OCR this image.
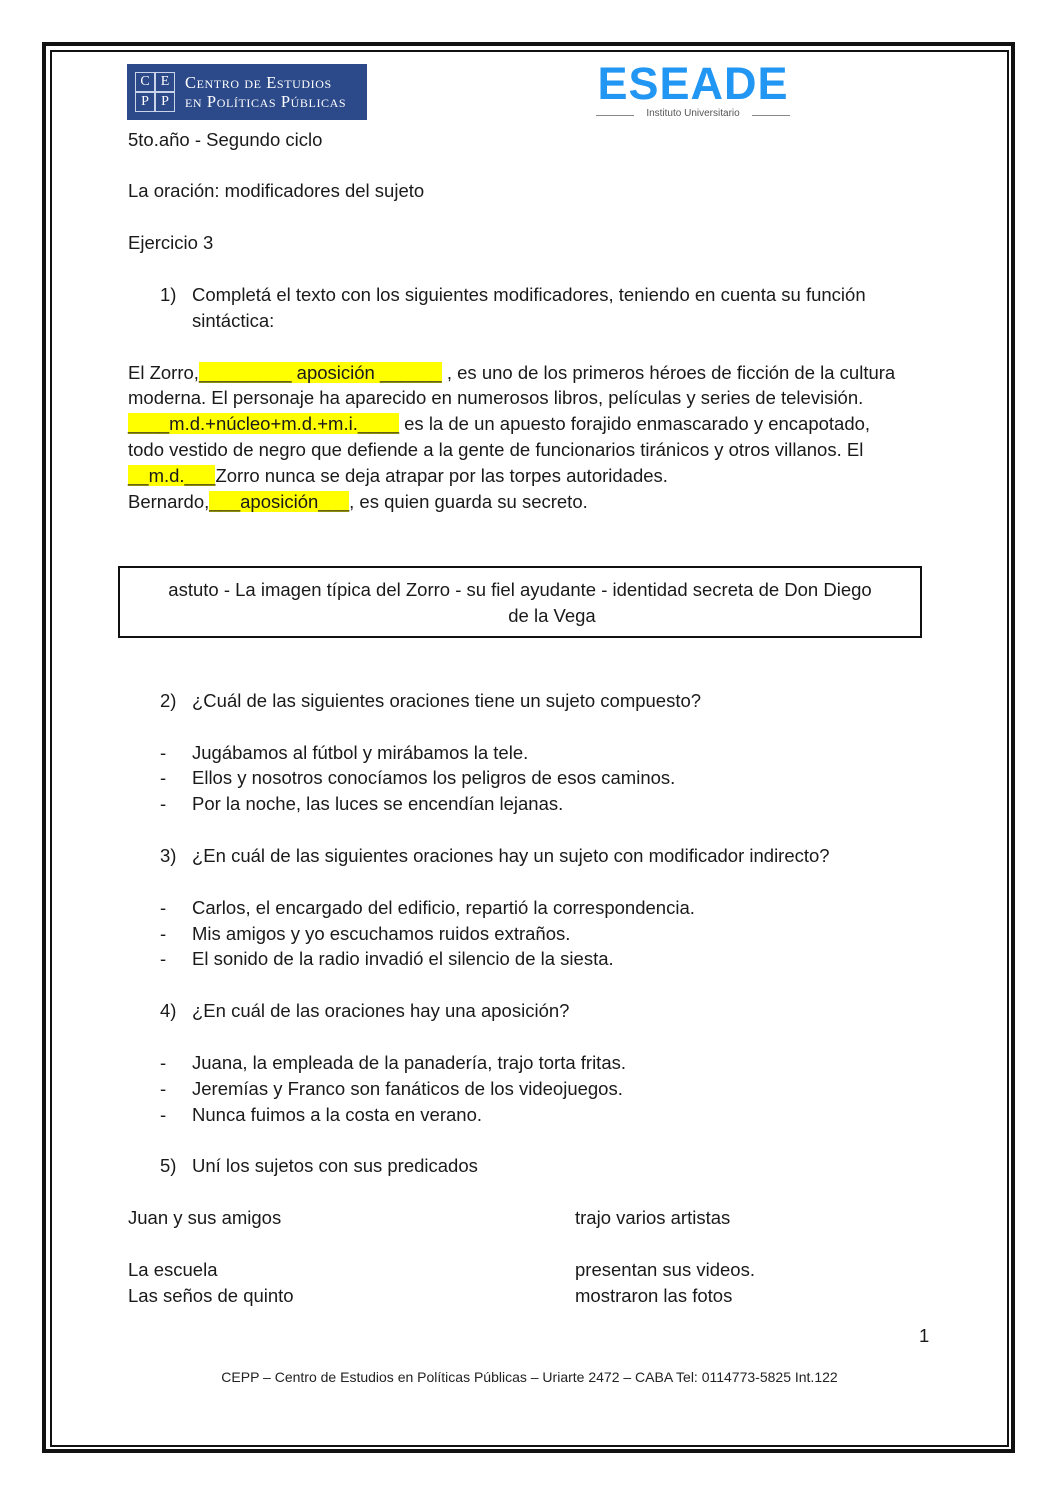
C E
P P
Centro de Estudios
en Políticas Públicas	ESEADE
Instituto Universitario
5to.año - Segundo ciclo
La oración: modificadores del sujeto
Ejercicio 3
1) Completá el texto con los siguientes modificadores, teniendo en cuenta su función
sintáctica:
El Zorro,_________ aposición ______ , es uno de los primeros héroes de ficción de la cultura
moderna. El personaje ha aparecido en numerosos libros, películas y series de televisión.
____m.d.+núcleo+m.d.+m.i.____ es la de un apuesto forajido enmascarado y encapotado,
todo vestido de negro que defiende a la gente de funcionarios tiránicos y otros villanos. El
__m.d.___Zorro nunca se deja atrapar por las torpes autoridades.
Bernardo,___aposición___, es quien guarda su secreto.
astuto - La imagen típica del Zorro - su fiel ayudante - identidad secreta de Don Diego
de la Vega
2) ¿Cuál de las siguientes oraciones tiene un sujeto compuesto?
- Jugábamos al fútbol y mirábamos la tele.
- Ellos y nosotros conocíamos los peligros de esos caminos.
- Por la noche, las luces se encendían lejanas.
3) ¿En cuál de las siguientes oraciones hay un sujeto con modificador indirecto?
- Carlos, el encargado del edificio, repartió la correspondencia.
- Mis amigos y yo escuchamos ruidos extraños.
- El sonido de la radio invadió el silencio de la siesta.
4) ¿En cuál de las oraciones hay una aposición?
- Juana, la empleada de la panadería, trajo torta fritas.
- Jeremías y Franco son fanáticos de los videojuegos.
- Nunca fuimos a la costa en verano.
5) Uní los sujetos con sus predicados
Juan y sus amigos	trajo varios artistas
La escuela	presentan sus videos.
Las seños de quinto	mostraron las fotos
1
CEPP – Centro de Estudios en Políticas Públicas – Uriarte 2472 – CABA Tel: 0114773-5825 Int.122
